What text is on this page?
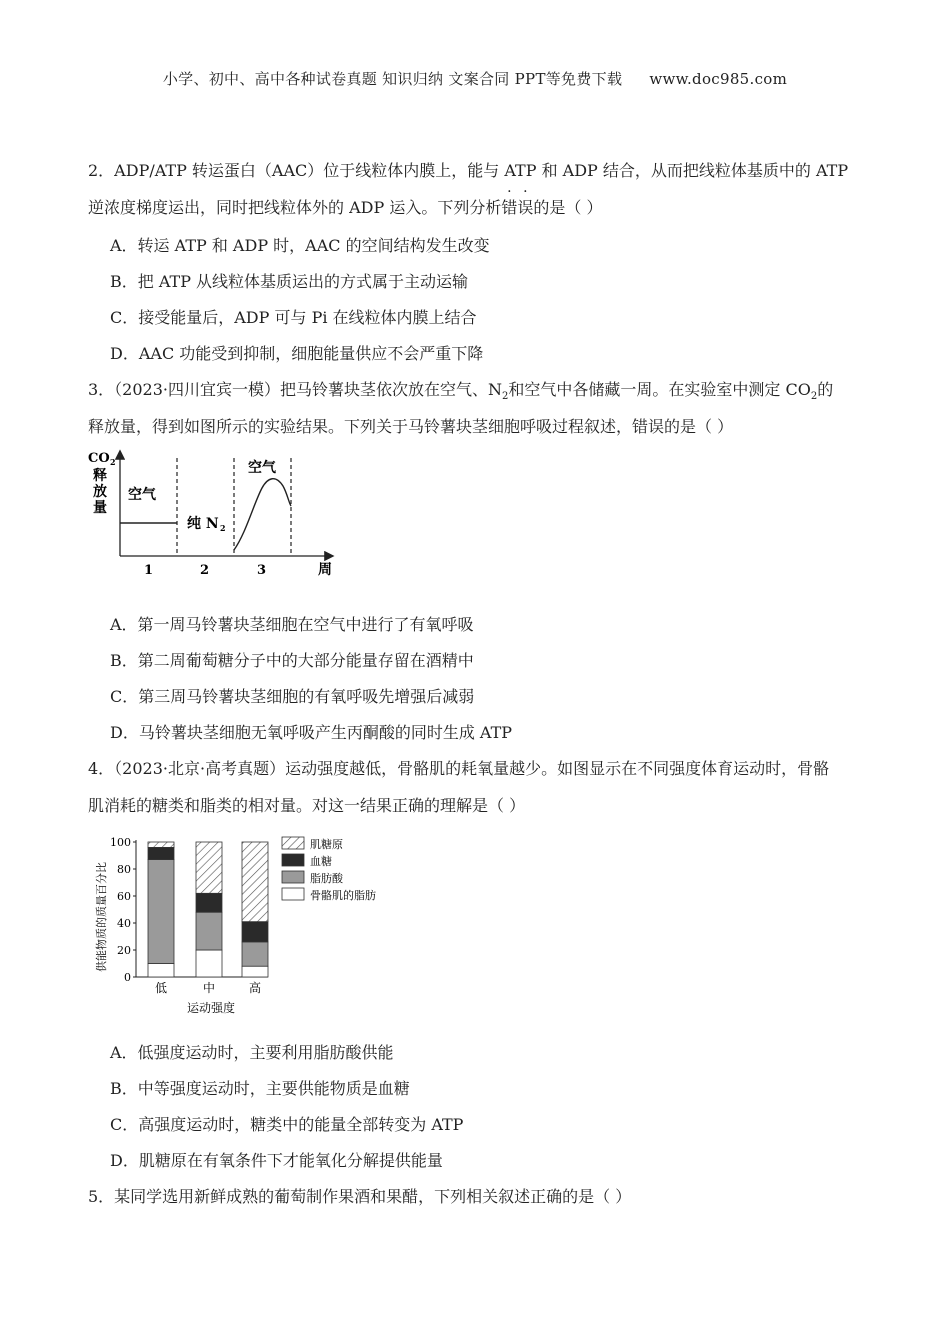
小学、初中、高中各种试卷真题 知识归纳 文案合同 PPT等免费下载 www.doc985.com
2．ADP/ATP 转运蛋白（AAC）位于线粒体内膜上，能与 ATP 和 ADP 结合，从而把线粒体基质中的 ATP
逆浓度梯度运出，同时把线粒体外的 ADP 运入。下列分析错误的是（ ）
A．转运 ATP 和 ADP 时，AAC 的空间结构发生改变
B．把 ATP 从线粒体基质运出的方式属于主动运输
C．接受能量后，ADP 可与 Pi 在线粒体内膜上结合
D．AAC 功能受到抑制，细胞能量供应不会严重下降
3．（2023·四川宜宾一模）把马铃薯块茎依次放在空气、$N_2$和空气中各储藏一周。在实验室中测定 $CO_2$的
释放量，得到如图所示的实验结果。下列关于马铃薯块茎细胞呼吸过程叙述，错误的是（ ）
CO 2
释
放
量
空气
纯 N 2
空气
1	2	3	周
A．第一周马铃薯块茎细胞在空气中进行了有氧呼吸
B．第二周葡萄糖分子中的大部分能量存留在酒精中
C．第三周马铃薯块茎细胞的有氧呼吸先增强后减弱
D．马铃薯块茎细胞无氧呼吸产生丙酮酸的同时生成 ATP
4．（2023·北京·高考真题）运动强度越低，骨骼肌的耗氧量越少。如图显示在不同强度体育运动时，骨骼
肌消耗的糖类和脂类的相对量。对这一结果正确的理解是（ ）
供能物质的质量百分比
0
20
40
60
80
100
低	中	高
肌糖原
血糖
脂肪酸
骨骼肌的脂肪
运动强度
A．低强度运动时，主要利用脂肪酸供能
B．中等强度运动时，主要供能物质是血糖
C．高强度运动时，糖类中的能量全部转变为 ATP
D．肌糖原在有氧条件下才能氧化分解提供能量
5．某同学选用新鲜成熟的葡萄制作果酒和果醋，下列相关叙述正确的是（ ）
